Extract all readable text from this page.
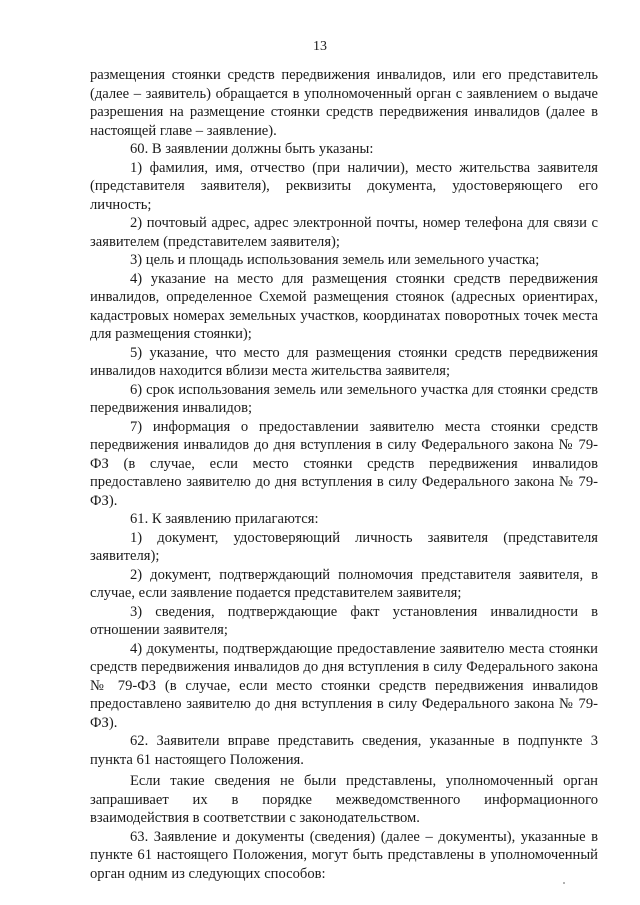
13

размещения стоянки средств передвижения инвалидов, или его представитель (далее – заявитель) обращается в уполномоченный орган с заявлением о выдаче разрешения на размещение стоянки средств передвижения инвалидов (далее в настоящей главе – заявление).

60. В заявлении должны быть указаны:

1) фамилия, имя, отчество (при наличии), место жительства заявителя (представителя заявителя), реквизиты документа, удостоверяющего его личность;

2) почтовый адрес, адрес электронной почты, номер телефона для связи с заявителем (представителем заявителя);

3) цель и площадь использования земель или земельного участка;

4) указание на место для размещения стоянки средств передвижения инвалидов, определенное Схемой размещения стоянок (адресных ориентирах, кадастровых номерах земельных участков, координатах поворотных точек места для размещения стоянки);

5) указание, что место для размещения стоянки средств передвижения инвалидов находится вблизи места жительства заявителя;

6) срок использования земель или земельного участка для стоянки средств передвижения инвалидов;

7) информация о предоставлении заявителю места стоянки средств передвижения инвалидов до дня вступления в силу Федерального закона № 79-ФЗ (в случае, если место стоянки средств передвижения инвалидов предоставлено заявителю до дня вступления в силу Федерального закона № 79-ФЗ).

61. К заявлению прилагаются:

1) документ, удостоверяющий личность заявителя (представителя заявителя);

2) документ, подтверждающий полномочия представителя заявителя, в случае, если заявление подается представителем заявителя;

3) сведения, подтверждающие факт установления инвалидности в отношении заявителя;

4) документы, подтверждающие предоставление заявителю места стоянки средств передвижения инвалидов до дня вступления в силу Федерального закона № 79-ФЗ (в случае, если место стоянки средств передвижения инвалидов предоставлено заявителю до дня вступления в силу Федерального закона № 79-ФЗ).

62. Заявители вправе представить сведения, указанные в подпункте 3 пункта 61 настоящего Положения.

Если такие сведения не были представлены, уполномоченный орган запрашивает их в порядке межведомственного информационного взаимодействия в соответствии с законодательством.

63. Заявление и документы (сведения) (далее – документы), указанные в пункте 61 настоящего Положения, могут быть представлены в уполномоченный орган одним из следующих способов:
